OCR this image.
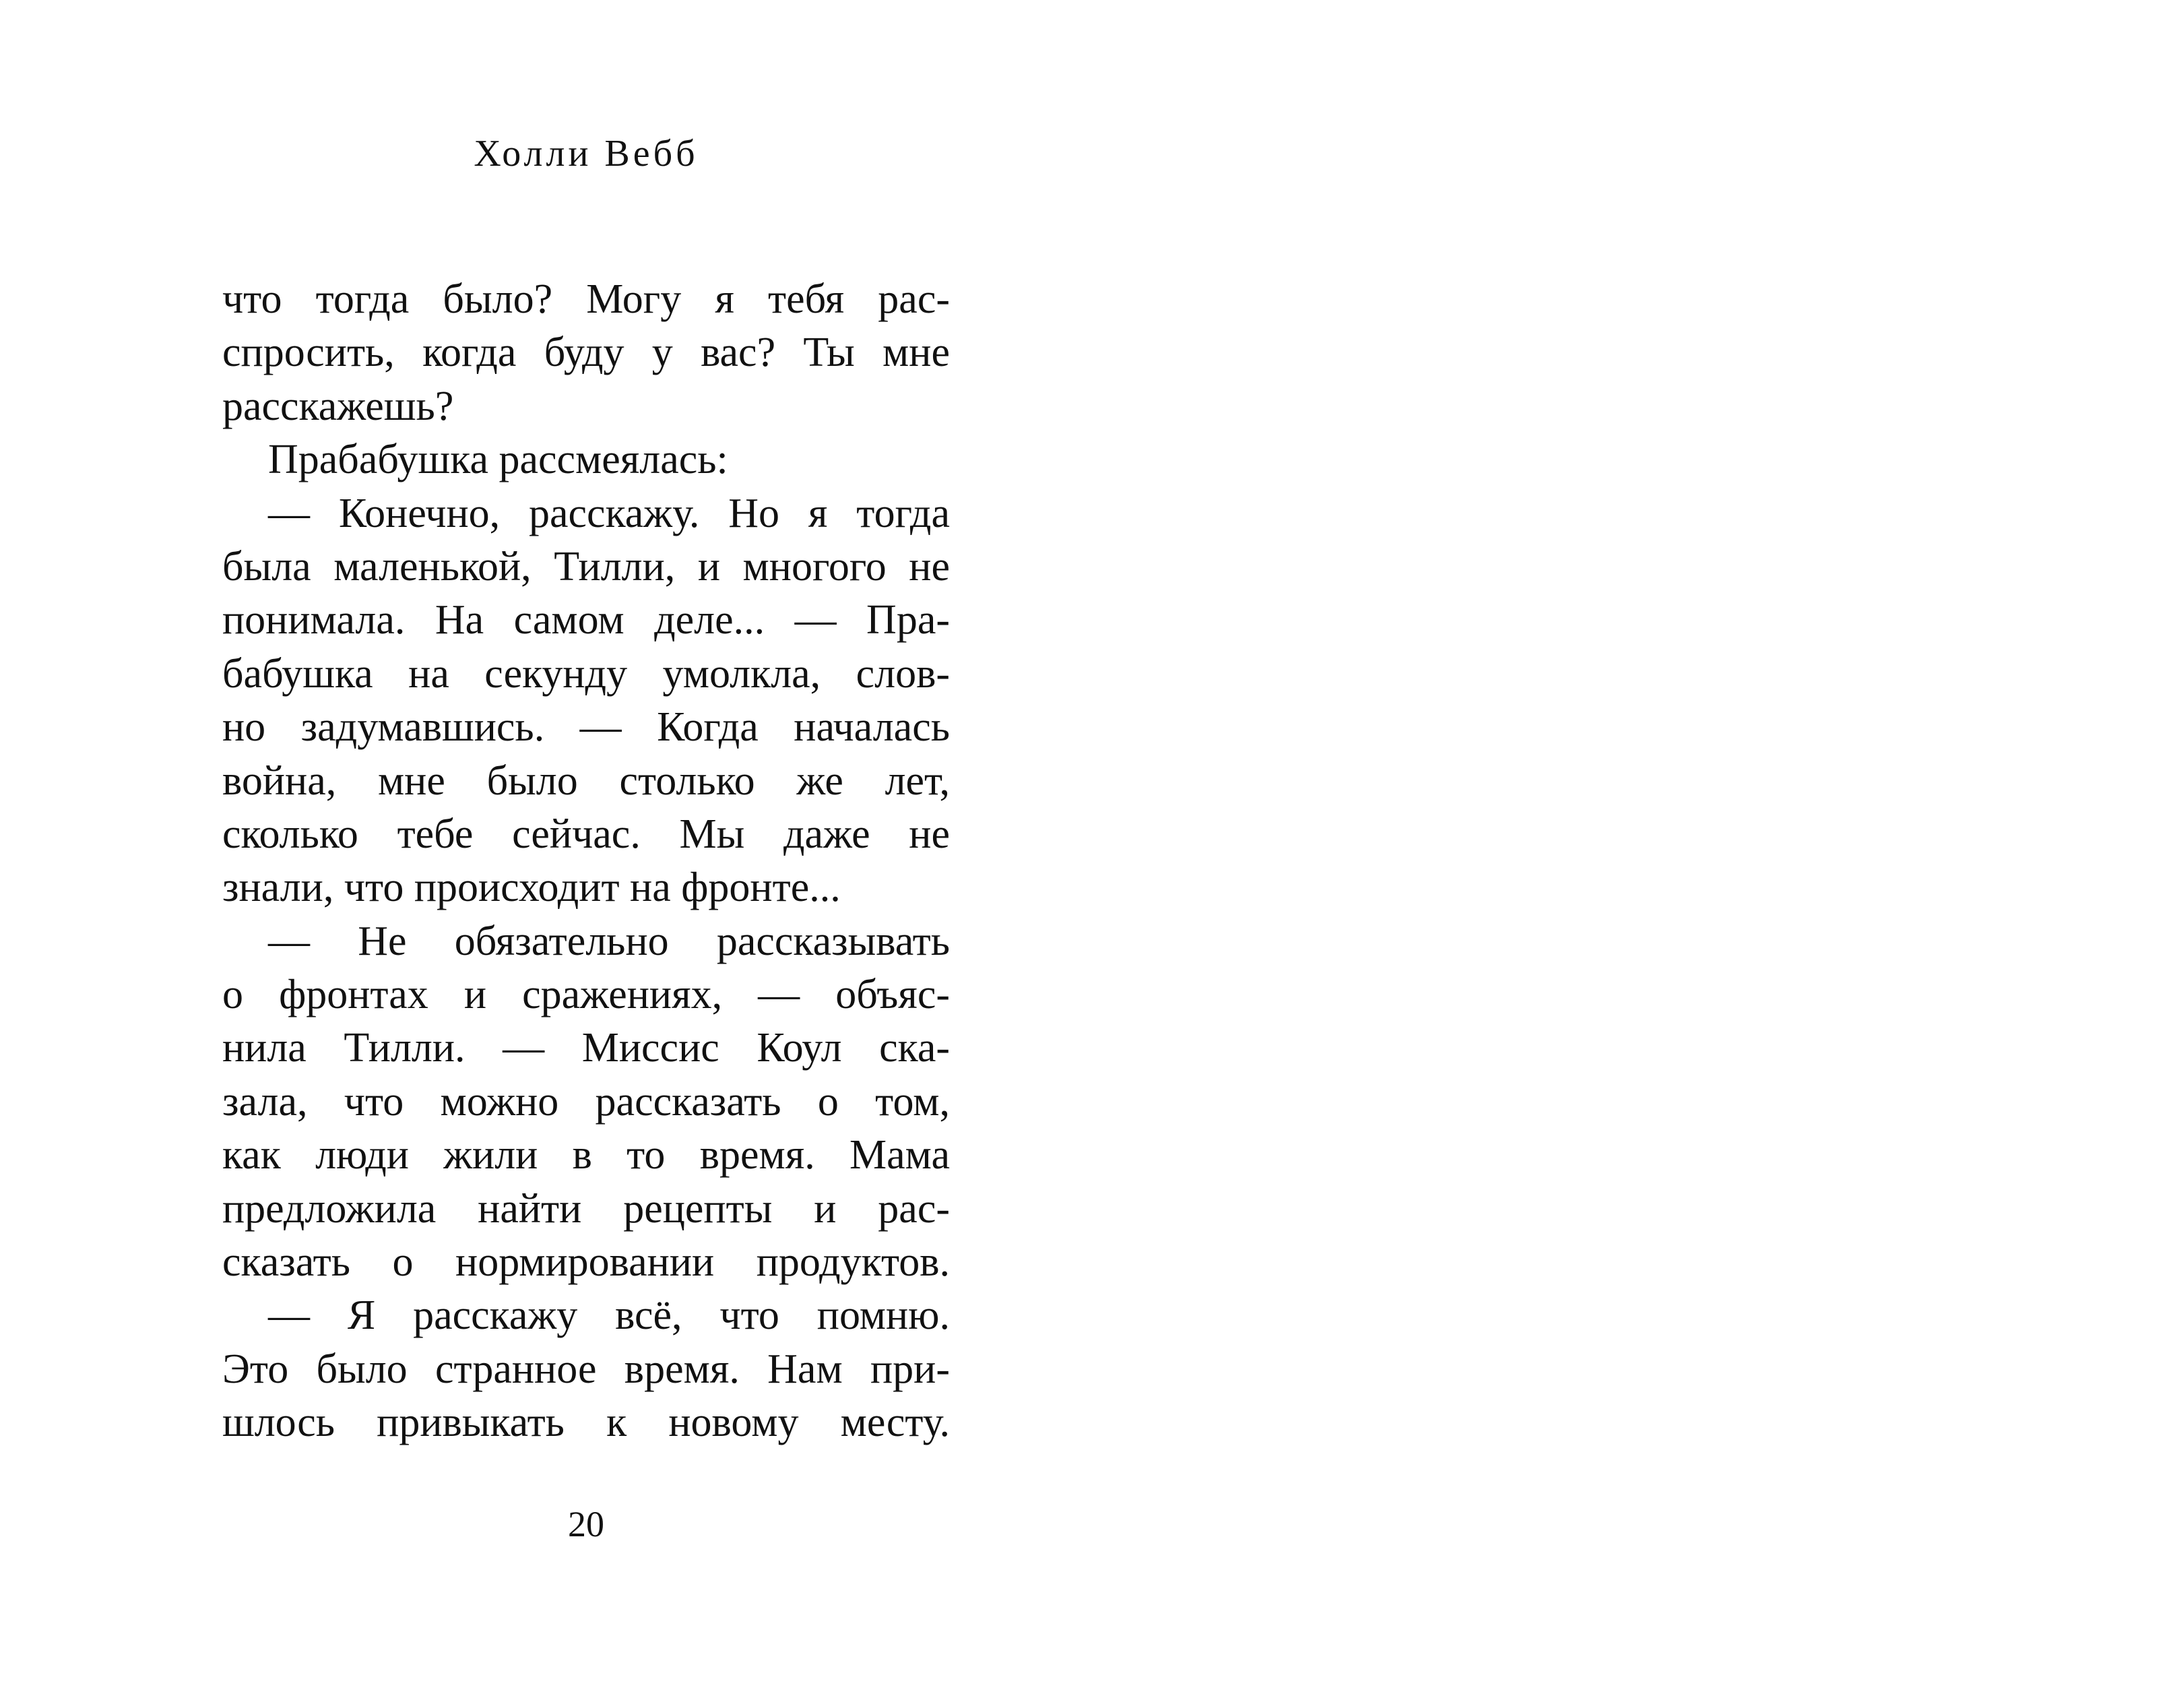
Холли Вебб
что тогда было? Могу я тебя рас-
спросить, когда буду у вас? Ты мне
расскажешь?
Прабабушка рассмеялась:
— Конечно, расскажу. Но я тогда
была маленькой, Тилли, и многого не
понимала. На самом деле... — Пра-
бабушка на секунду умолкла, слов-
но задумавшись. — Когда началась
война, мне было столько же лет,
сколько тебе сейчас. Мы даже не
знали, что происходит на фронте...
— Не обязательно рассказывать
о фронтах и сражениях, — объяс-
нила Тилли. — Миссис Коул ска-
зала, что можно рассказать о том,
как люди жили в то время. Мама
предложила найти рецепты и рас-
сказать о нормировании продуктов.
— Я расскажу всё, что помню.
Это было странное время. Нам при-
шлось привыкать к новому месту.
20
